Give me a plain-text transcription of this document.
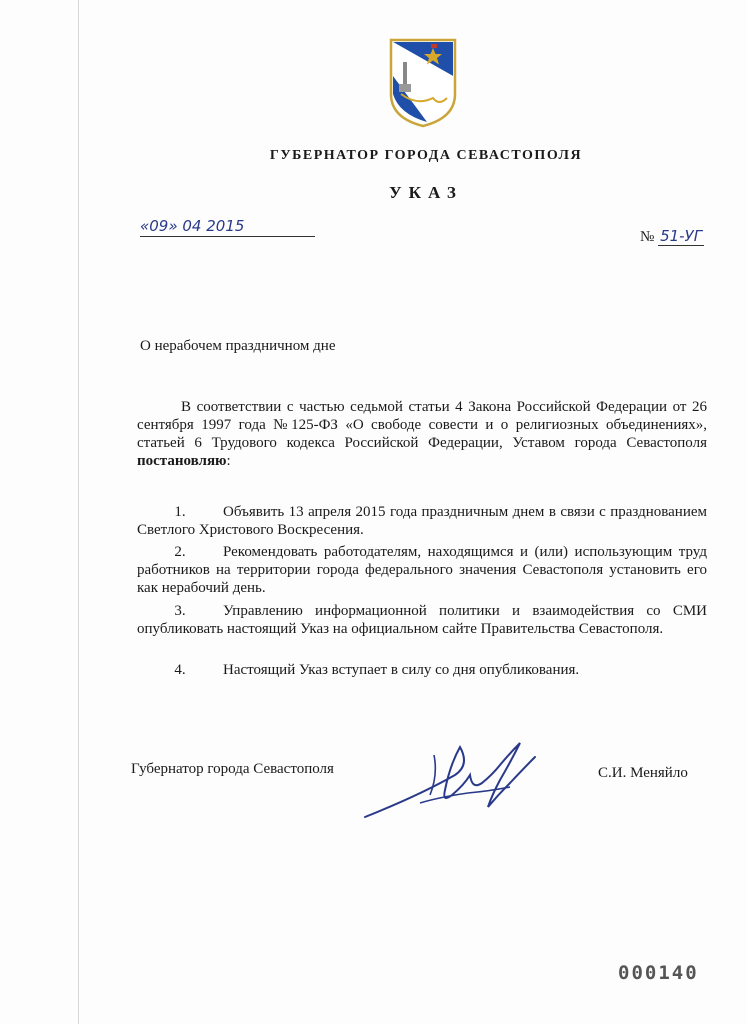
ГУБЕРНАТОР ГОРОДА СЕВАСТОПОЛЯ
УКАЗ
«09» 04 2015
№ 51-УГ
О нерабочем праздничном дне
В соответствии с частью седьмой статьи 4 Закона Российской Федерации от 26 сентября 1997 года №125-ФЗ «О свободе совести и о религиозных объединениях», статьей 6 Трудового кодекса Российской Федерации, Уставом города Севастополя постановляю:
1. Объявить 13 апреля 2015 года праздничным днем в связи с празднованием Светлого Христового Воскресения.
2. Рекомендовать работодателям, находящимся и (или) использующим труд работников на территории города федерального значения Севастополя установить его как нерабочий день.
3. Управлению информационной политики и взаимодействия со СМИ опубликовать настоящий Указ на официальном сайте Правительства Севастополя.
4. Настоящий Указ вступает в силу со дня опубликования.
Губернатор города Севастополя	С.И. Меняйло
000140
